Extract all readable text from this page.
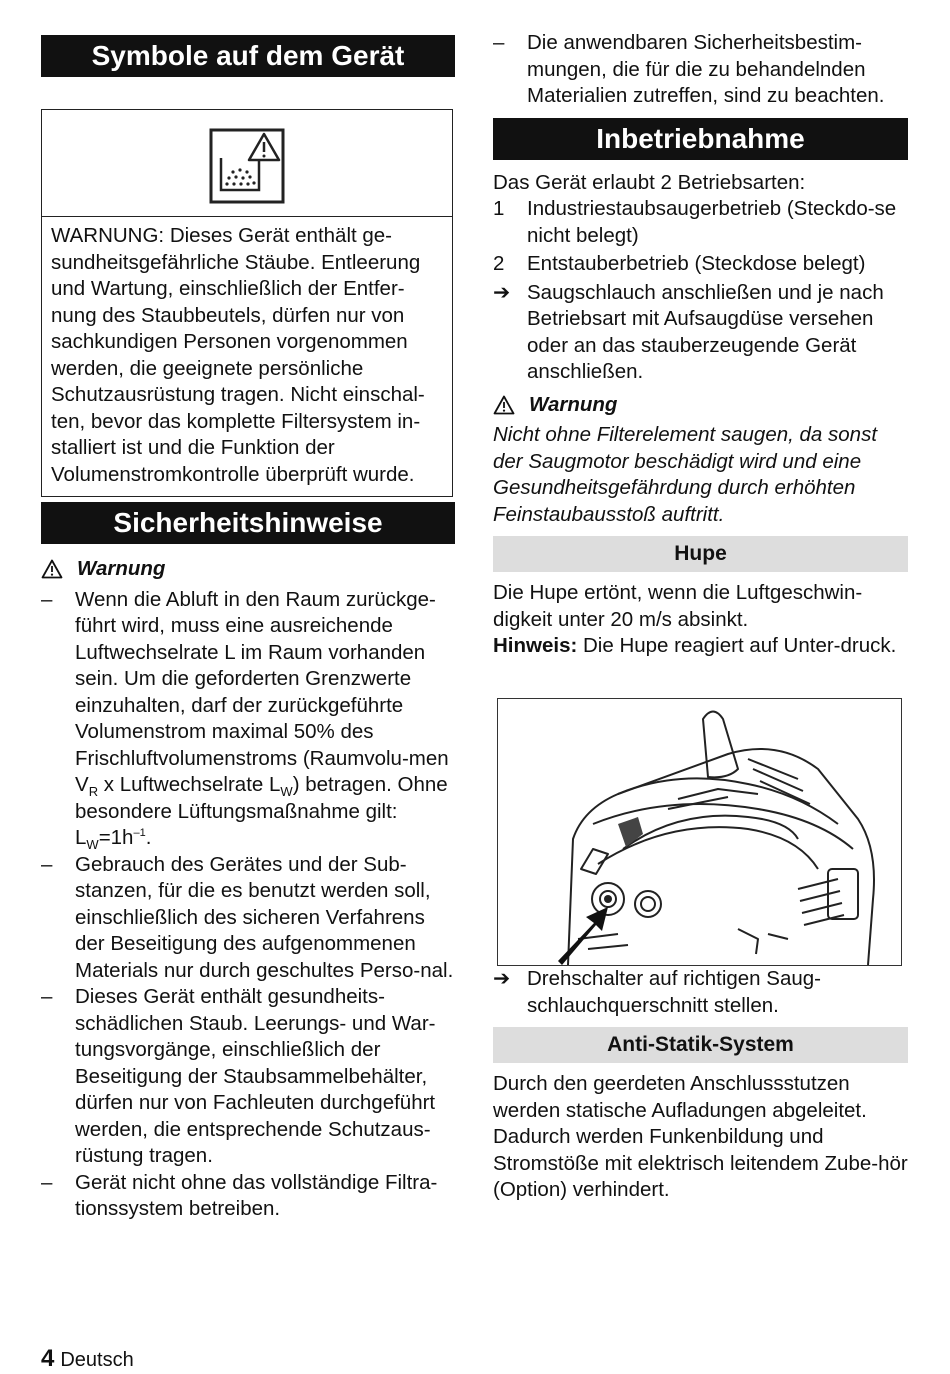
Symbole auf dem Gerät
WARNUNG: Dieses Gerät enthält ge-sundheitsgefährliche Stäube. Entleerung und Wartung, einschließlich der Entfer-nung des Staubbeutels, dürfen nur von sachkundigen Personen vorgenommen werden, die geeignete persönliche Schutzausrüstung tragen. Nicht einschal-ten, bevor das komplette Filtersystem in-stalliert ist und die Funktion der Volumenstromkontrolle überprüft wurde.
Sicherheitshinweise
Warnung
–	Wenn die Abluft in den Raum zurückge-führt wird, muss eine ausreichende Luftwechselrate L im Raum vorhanden sein. Um die geforderten Grenzwerte einzuhalten, darf der zurückgeführte Volumenstrom maximal 50% des Frischluftvolumenstroms (Raumvolu-men $V_R$ x Luftwechselrate $L_W$) betragen. Ohne besondere Lüftungsmaßnahme gilt: $L_W=1h^{-1}$.
–	Gebrauch des Gerätes und der Sub-stanzen, für die es benutzt werden soll, einschließlich des sicheren Verfahrens der Beseitigung des aufgenommenen Materials nur durch geschultes Perso-nal.
–	Dieses Gerät enthält gesundheits-schädlichen Staub. Leerungs- und War-tungsvorgänge, einschließlich der Beseitigung der Staubsammelbehälter, dürfen nur von Fachleuten durchgeführt werden, die entsprechende Schutzaus-rüstung tragen.
–	Gerät nicht ohne das vollständige Filtra-tionssystem betreiben.
–	Die anwendbaren Sicherheitsbestim-mungen, die für die zu behandelnden Materialien zutreffen, sind zu beachten.
Inbetriebnahme

Das Gerät erlaubt 2 Betriebsarten:

1	Industriestaubsaugerbetrieb (Steckdo-se nicht belegt)
2	Entstauberbetrieb (Steckdose belegt)
➔ Saugschlauch anschließen und je nach Betriebsart mit Aufsaugdüse versehen oder an das stauberzeugende Gerät anschließen.
Warnung

Nicht ohne Filterelement saugen, da sonst der Saugmotor beschädigt wird und eine Gesundheitsgefährdung durch erhöhten Feinstaubausstoß auftritt.

Hupe

Die Hupe ertönt, wenn die Luftgeschwin-digkeit unter 20 m/s absinkt.

Hinweis: Die Hupe reagiert auf Unter-druck.

➔ Drehschalter auf richtigen Saug-schlauchquerschnitt stellen.
Anti-Statik-System

Durch den geerdeten Anschlussstutzen werden statische Aufladungen abgeleitet. Dadurch werden Funkenbildung und Stromstöße mit elektrisch leitendem Zube-hör (Option) verhindert.

4 Deutsch
